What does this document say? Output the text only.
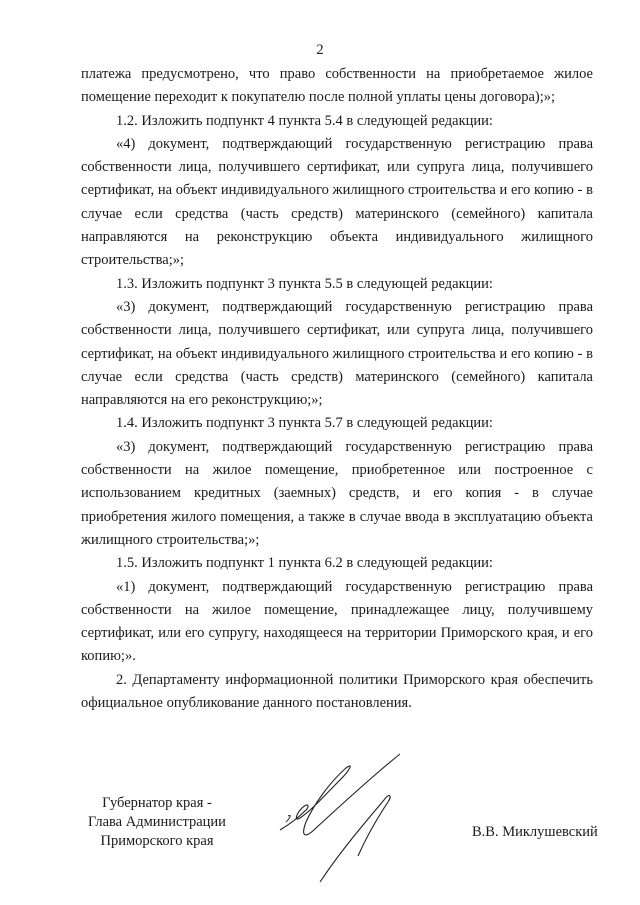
2

платежа предусмотрено, что право собственности на приобретаемое жилое помещение переходит к покупателю после полной уплаты цены договора);»;

1.2. Изложить подпункт 4 пункта 5.4 в следующей редакции:

«4) документ, подтверждающий государственную регистрацию права собственности лица, получившего сертификат, или супруга лица, получившего сертификат, на объект индивидуального жилищного строительства и его копию - в случае если средства (часть средств) материнского (семейного) капитала направляются на реконструкцию объекта индивидуального жилищного строительства;»;

1.3. Изложить подпункт 3 пункта 5.5 в следующей редакции:

«3) документ, подтверждающий государственную регистрацию права собственности лица, получившего сертификат, или супруга лица, получившего сертификат, на объект индивидуального жилищного строительства и его копию - в случае если средства (часть средств) материнского (семейного) капитала направляются на его реконструкцию;»;

1.4. Изложить подпункт 3 пункта 5.7 в следующей редакции:

«3) документ, подтверждающий государственную регистрацию права собственности на жилое помещение, приобретенное или построенное с использованием кредитных (заемных) средств, и его копия - в случае приобретения жилого помещения, а также в случае ввода в эксплуатацию объекта жилищного строительства;»;

1.5. Изложить подпункт 1 пункта 6.2 в следующей редакции:

«1) документ, подтверждающий государственную регистрацию права собственности на жилое помещение, принадлежащее лицу, получившему сертификат, или его супругу, находящееся на территории Приморского края, и его копию;».

2. Департаменту информационной политики Приморского края обеспечить официальное опубликование данного постановления.

Губернатор края -
Глава Администрации
Приморского края
В.В. Миклушевский
